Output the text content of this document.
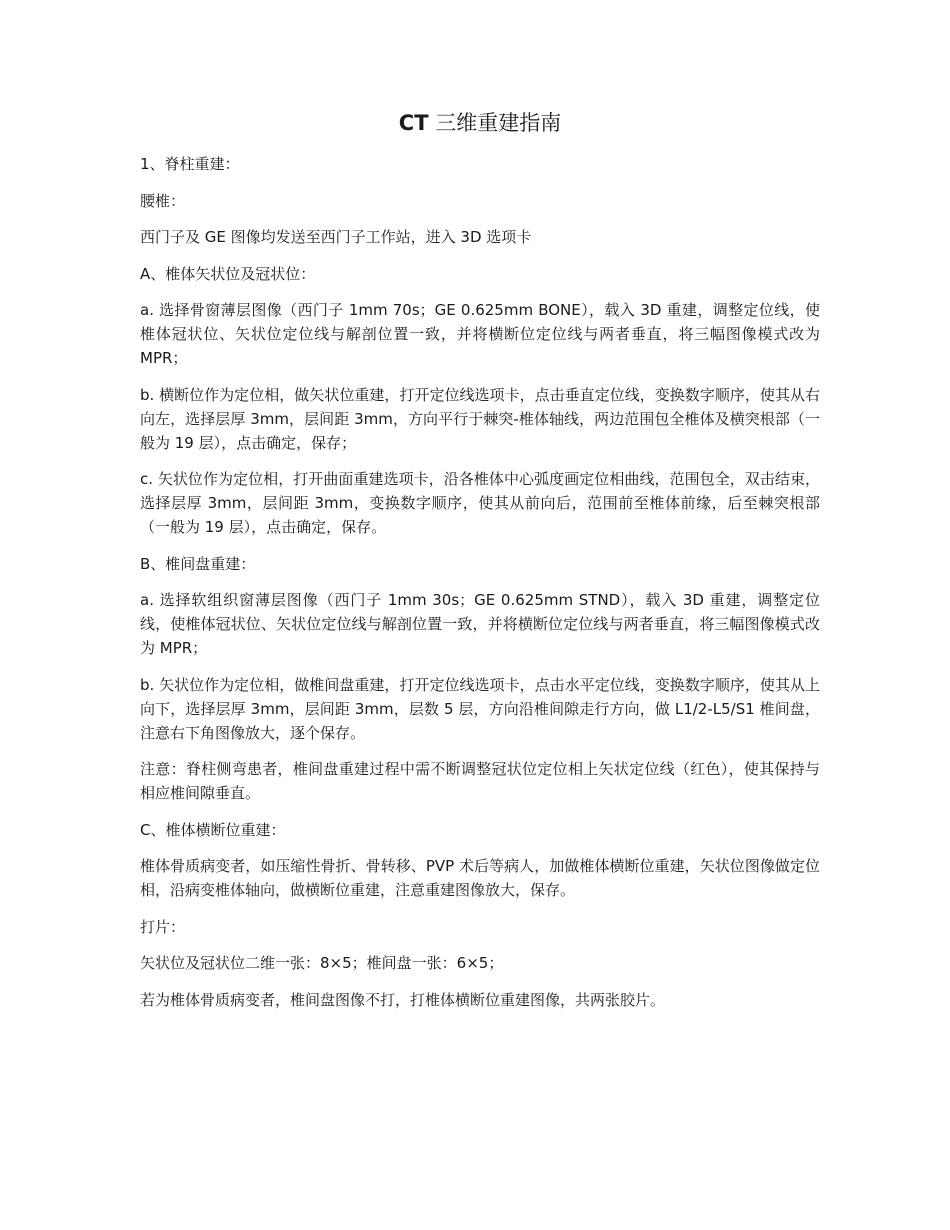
CT 三维重建指南

1、脊柱重建：

腰椎：

西门子及 GE 图像均发送至西门子工作站，进入 3D 选项卡

A、椎体矢状位及冠状位：

a. 选择骨窗薄层图像（西门子 1mm 70s；GE 0.625mm BONE），载入 3D 重建，调整定位线，使椎体冠状位、矢状位定位线与解剖位置一致，并将横断位定位线与两者垂直，将三幅图像模式改为 MPR；

b. 横断位作为定位相，做矢状位重建，打开定位线选项卡，点击垂直定位线，变换数字顺序，使其从右向左，选择层厚 3mm，层间距 3mm，方向平行于棘突-椎体轴线，两边范围包全椎体及横突根部（一般为 19 层），点击确定，保存；

c. 矢状位作为定位相，打开曲面重建选项卡，沿各椎体中心弧度画定位相曲线，范围包全，双击结束，选择层厚 3mm，层间距 3mm，变换数字顺序，使其从前向后，范围前至椎体前缘，后至棘突根部（一般为 19 层），点击确定，保存。

B、椎间盘重建：

a. 选择软组织窗薄层图像（西门子 1mm 30s；GE 0.625mm STND），载入 3D 重建，调整定位线，使椎体冠状位、矢状位定位线与解剖位置一致，并将横断位定位线与两者垂直，将三幅图像模式改为 MPR；

b. 矢状位作为定位相，做椎间盘重建，打开定位线选项卡，点击水平定位线，变换数字顺序，使其从上向下，选择层厚 3mm，层间距 3mm，层数 5 层，方向沿椎间隙走行方向，做 L1/2-L5/S1 椎间盘，注意右下角图像放大，逐个保存。

注意：脊柱侧弯患者，椎间盘重建过程中需不断调整冠状位定位相上矢状定位线（红色），使其保持与相应椎间隙垂直。

C、椎体横断位重建：

椎体骨质病变者，如压缩性骨折、骨转移、PVP 术后等病人，加做椎体横断位重建，矢状位图像做定位相，沿病变椎体轴向，做横断位重建，注意重建图像放大，保存。

打片：

矢状位及冠状位二维一张：8×5；椎间盘一张：6×5；

若为椎体骨质病变者，椎间盘图像不打，打椎体横断位重建图像，共两张胶片。
